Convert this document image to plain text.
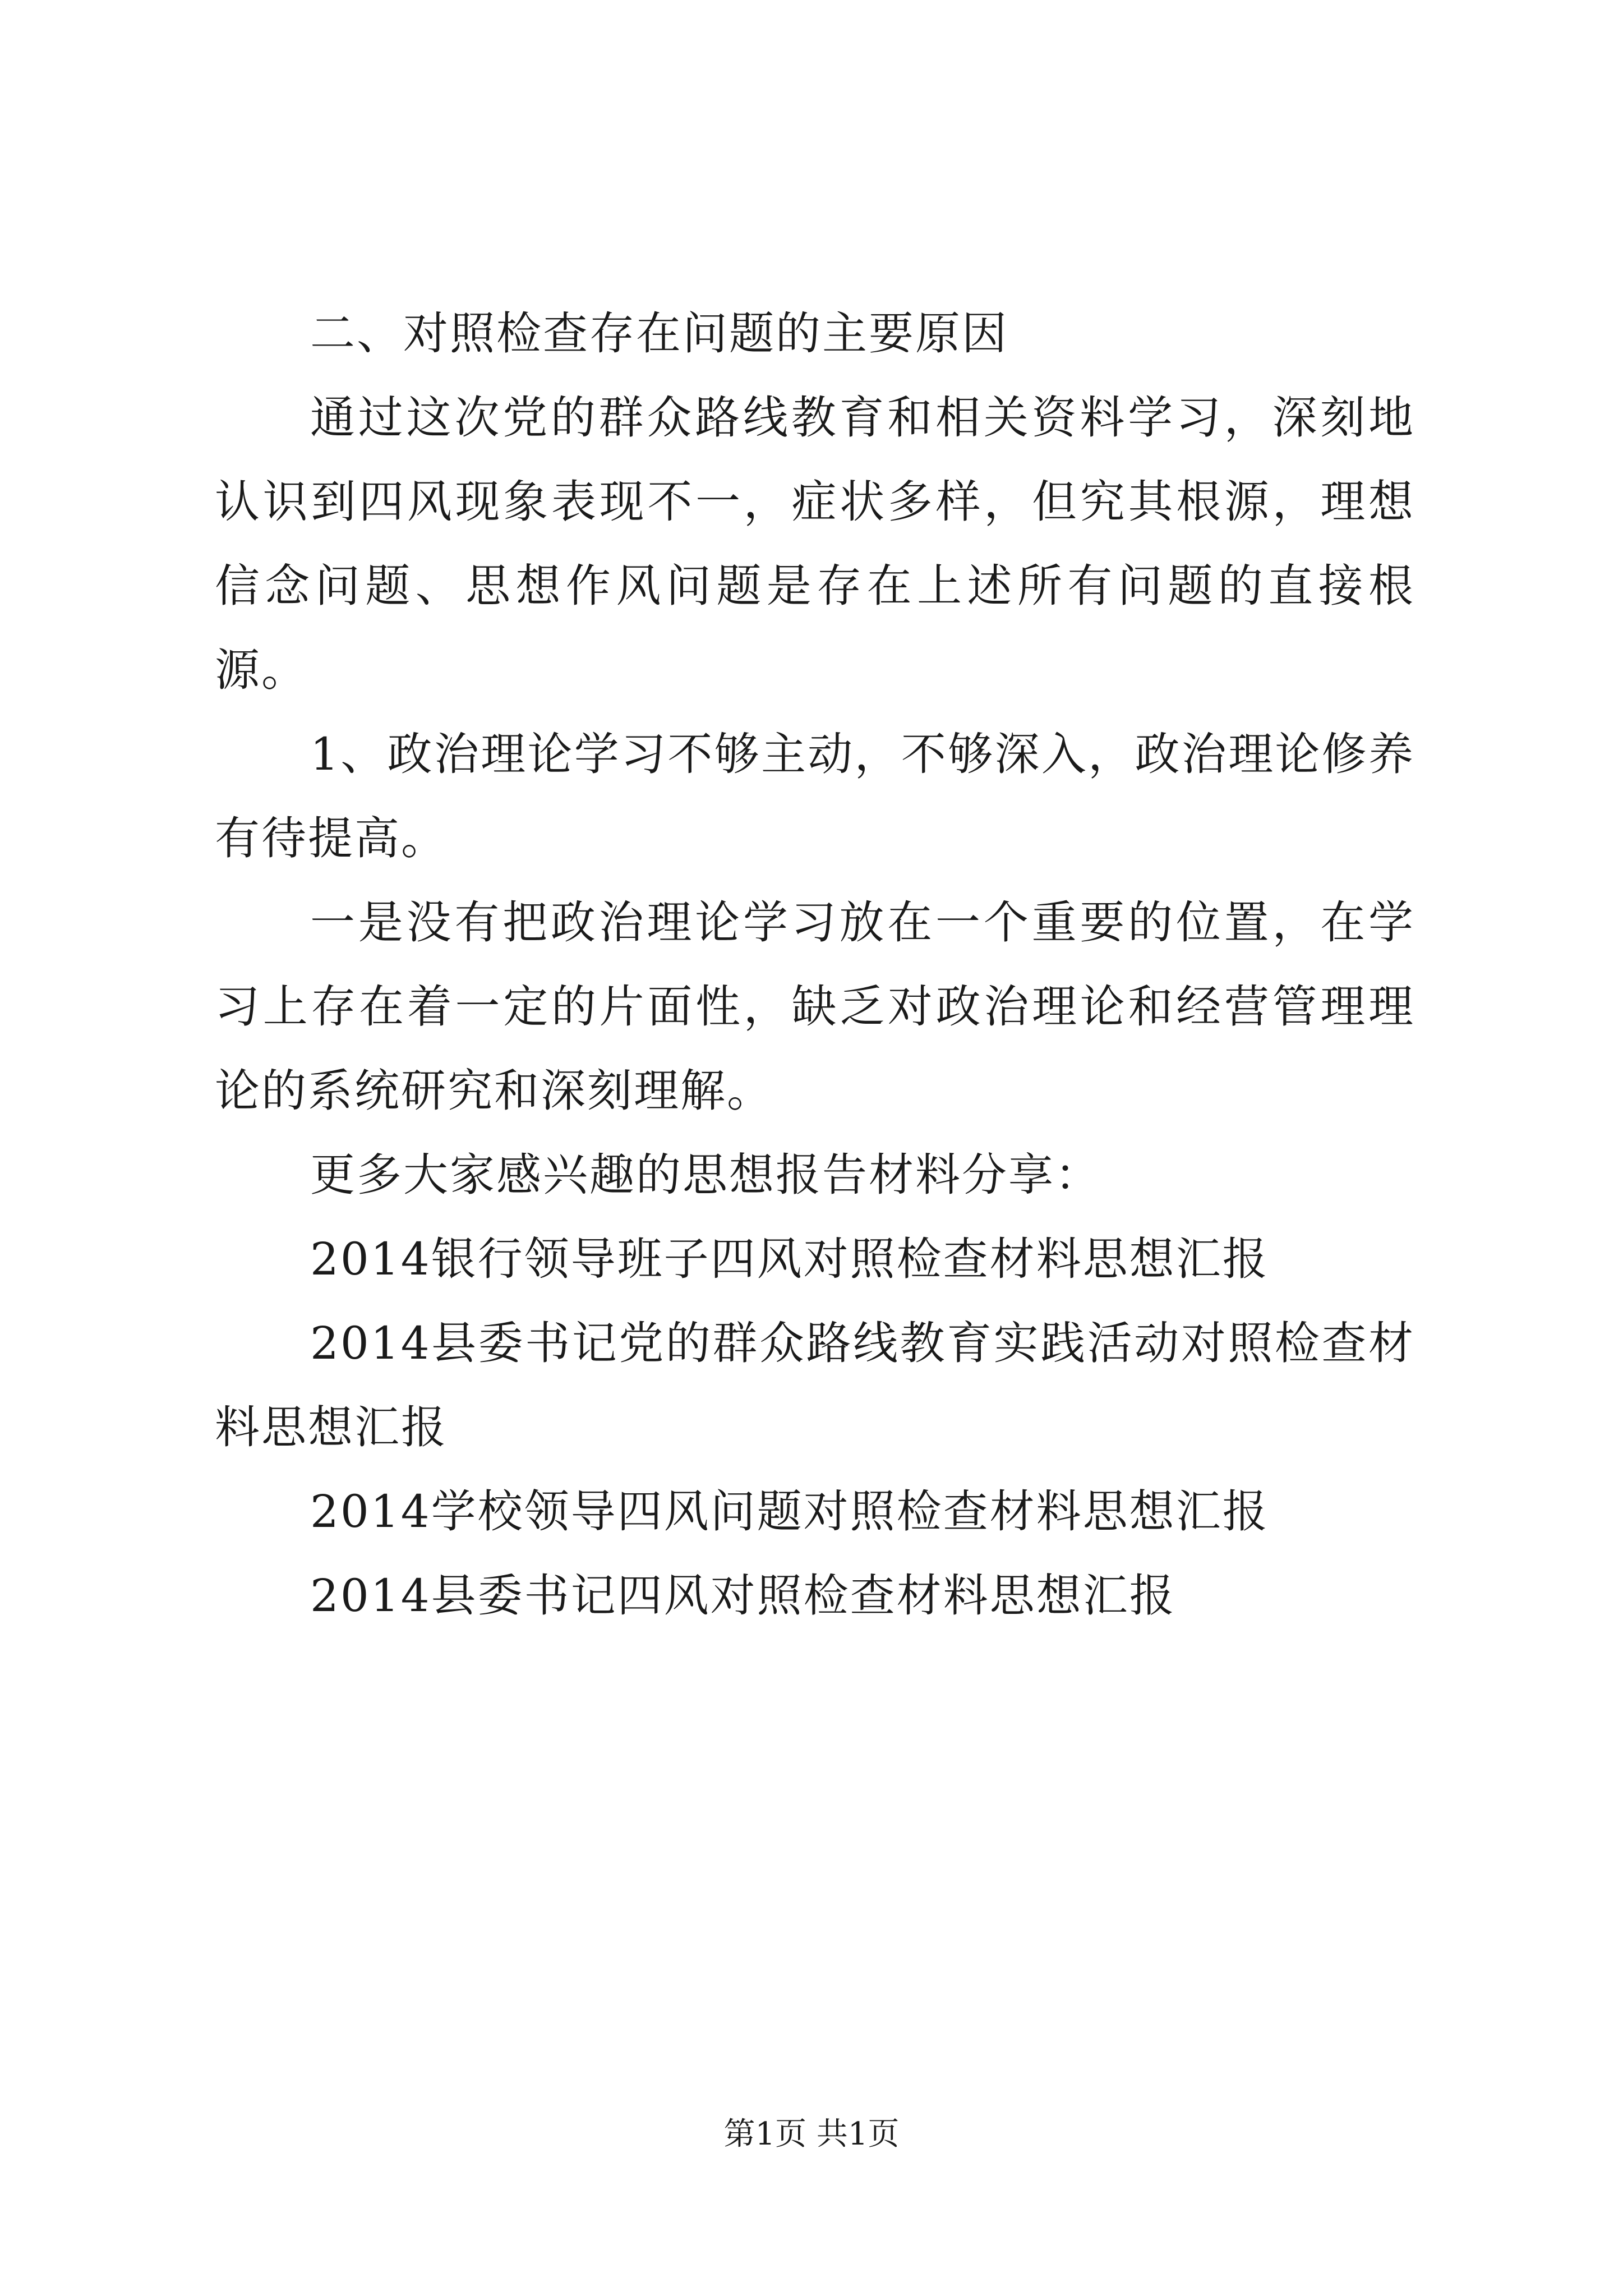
二、对照检查存在问题的主要原因

通过这次党的群众路线教育和相关资料学习，深刻地认识到四风现象表现不一，症状多样，但究其根源，理想信念问题、思想作风问题是存在上述所有问题的直接根源。

1、政治理论学习不够主动，不够深入，政治理论修养有待提高。

一是没有把政治理论学习放在一个重要的位置，在学习上存在着一定的片面性，缺乏对政治理论和经营管理理论的系统研究和深刻理解。

更多大家感兴趣的思想报告材料分享：

2014银行领导班子四风对照检查材料思想汇报

2014县委书记党的群众路线教育实践活动对照检查材料思想汇报

2014学校领导四风问题对照检查材料思想汇报

2014县委书记四风对照检查材料思想汇报

第1页 共1页
